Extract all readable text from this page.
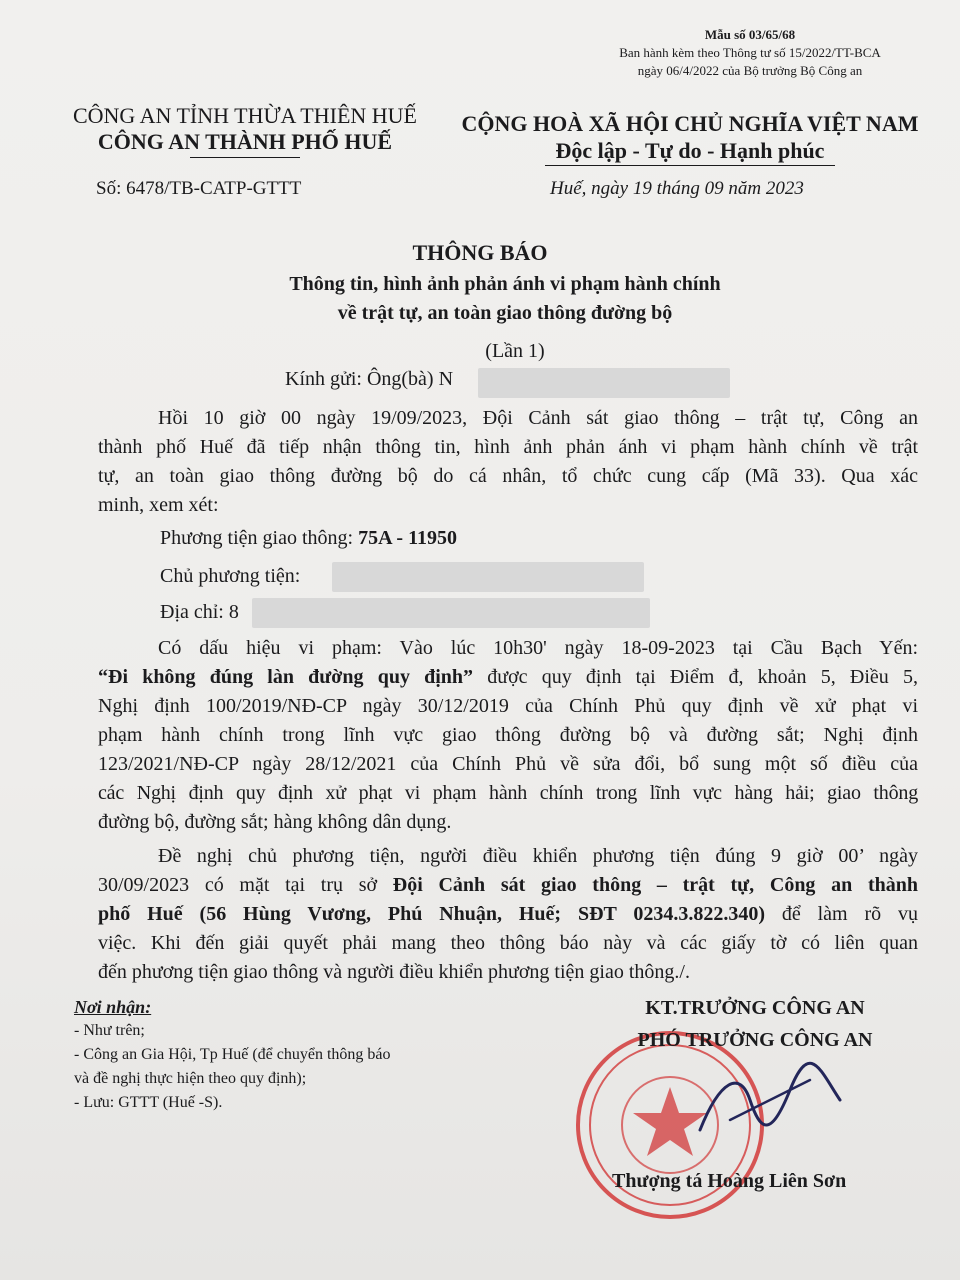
Mẫu số 03/65/68
Ban hành kèm theo Thông tư số 15/2022/TT-BCA
ngày 06/4/2022 của Bộ trưởng Bộ Công an
CÔNG AN TỈNH THỪA THIÊN HUẾ
CÔNG AN THÀNH PHỐ HUẾ
CỘNG HOÀ XÃ HỘI CHỦ NGHĨA VIỆT NAM
Độc lập - Tự do - Hạnh phúc
Số: 6478/TB-CATP-GTTT	Huế, ngày 19 tháng 09 năm 2023
THÔNG BÁO
Thông tin, hình ảnh phản ánh vi phạm hành chính
về trật tự, an toàn giao thông đường bộ
(Lần 1)
Kính gửi: Ông(bà) N
Hồi 10 giờ 00 ngày 19/09/2023, Đội Cảnh sát giao thông – trật tự, Công an
thành phố Huế đã tiếp nhận thông tin, hình ảnh phản ánh vi phạm hành chính về trật
tự, an toàn giao thông đường bộ do cá nhân, tổ chức cung cấp (Mã 33). Qua xác
minh, xem xét:
Phương tiện giao thông: 75A - 11950
Chủ phương tiện:
Địa chỉ: 8
Có dấu hiệu vi phạm: Vào lúc 10h30' ngày 18-09-2023 tại Cầu Bạch Yến:
“Đi không đúng làn đường quy định” được quy định tại Điểm đ, khoản 5, Điều 5,
Nghị định 100/2019/NĐ-CP ngày 30/12/2019 của Chính Phủ quy định về xử phạt vi
phạm hành chính trong lĩnh vực giao thông đường bộ và đường sắt; Nghị định
123/2021/NĐ-CP ngày 28/12/2021 của Chính Phủ về sửa đổi, bổ sung một số điều của
các Nghị định quy định xử phạt vi phạm hành chính trong lĩnh vực hàng hải; giao thông
đường bộ, đường sắt; hàng không dân dụng.
Đề nghị chủ phương tiện, người điều khiển phương tiện đúng 9 giờ 00’ ngày
30/09/2023 có mặt tại trụ sở Đội Cảnh sát giao thông – trật tự, Công an thành
phố Huế (56 Hùng Vương, Phú Nhuận, Huế; SĐT 0234.3.822.340) để làm rõ vụ
việc. Khi đến giải quyết phải mang theo thông báo này và các giấy tờ có liên quan
đến phương tiện giao thông và người điều khiển phương tiện giao thông./.
Nơi nhận:
- Như trên;
- Công an Gia Hội, Tp Huế (để chuyển thông báo
và đề nghị thực hiện theo quy định);
- Lưu: GTTT (Huế -S).
KT.TRƯỞNG CÔNG AN
PHÓ TRƯỞNG CÔNG AN
Thượng tá Hoàng Liên Sơn
